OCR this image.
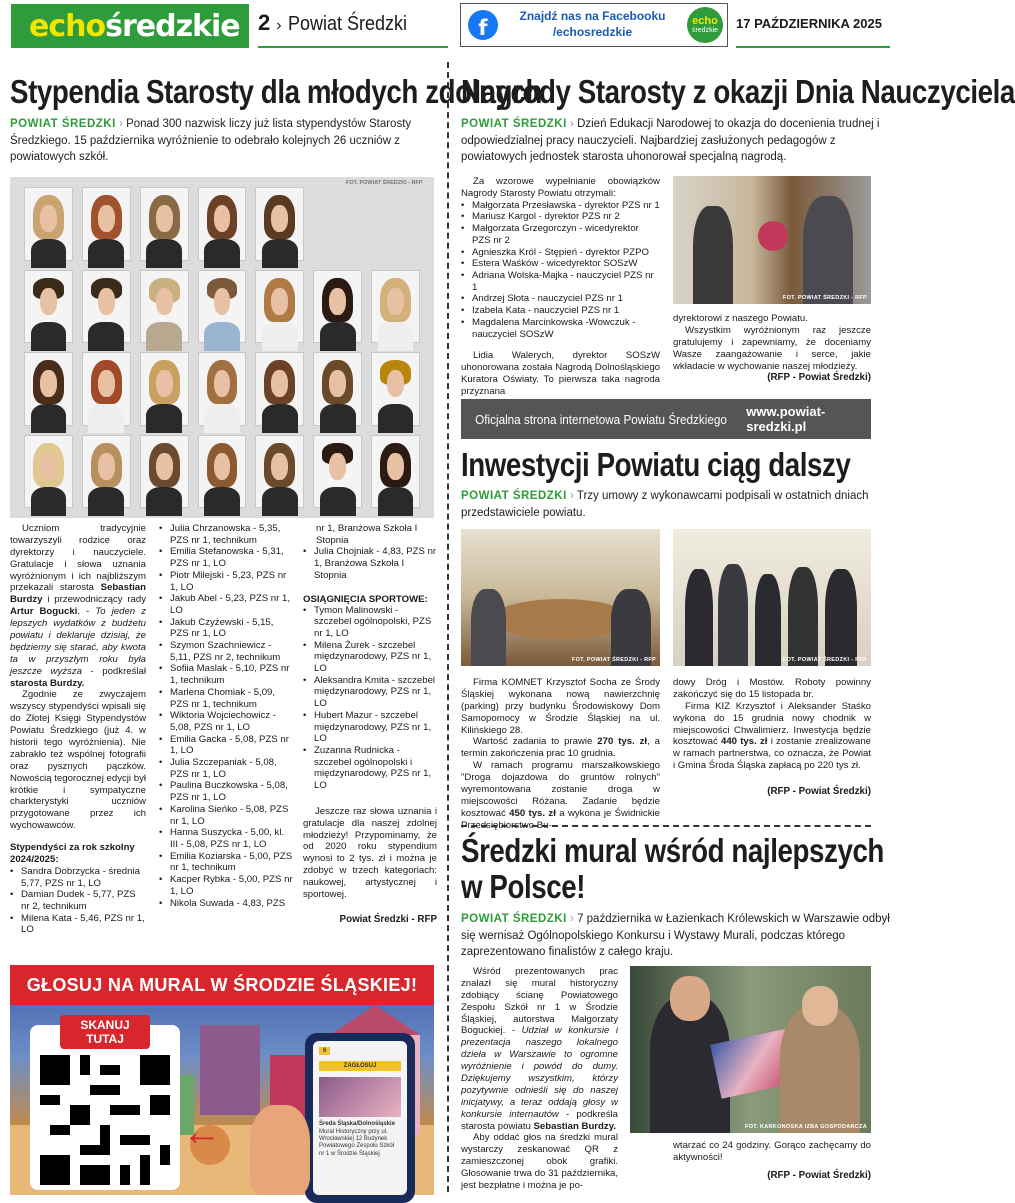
echo średzkie 2 › Powiat Średzki	f	Znajdź nas na Facebooku
/echosredzkie
echo
średzkie 17 PAŹDZIERNIKA 2025
Stypendia Starosty dla młodych zdolnych
POWIAT ŚREDZKI › Ponad 300 nazwisk liczy już lista stypendystów Starosty Średzkiego. 15 października wyróżnienie to odebrało kolejnych 26 uczniów z powiatowych szkół.
FOT. POWIAT ŚREDZKI - RFP

Uczniom tradycyjnie towarzyszyli rodzice oraz dyrektorzy i nauczyciele. Gratulacje i słowa uznania wyróżnionym i ich najbliższym przekazali starosta Sebastian Burdzy i przewodniczący rady Artur Bogucki. - To jeden z lepszych wydatków z budżetu powiatu i deklaruje dzisiaj, że będziemy się starać, aby kwota ta w przyszłym roku była jeszcze wyższa - podkreślał starosta Burdzy.

Zgodnie ze zwyczajem wszyscy stypendyści wpisali się do Złotej Księgi Stypendystów Powiatu Średzkiego (już 4. w historii tego wyróżnienia). Nie zabrakło też wspólnej fotografii oraz pysznych pączków. Nowością tegorocznej edycji był krótkie i sympatyczne charkterystyki uczniów przygotowane przez ich wychowawców.

Stypendyści za rok szkolny 2024/2025:

• Sandra Dobrzycka - średnia 5,77, PZS nr 1, LO
• Damian Dudek - 5,77, PZS nr 2, technikum
• Milena Kata - 5,46, PZS nr 1, LO
• Julia Chrzanowska - 5,35, PZS nr 1, technikum
• Emilia Stefanowska - 5,31, PZS nr 1, LO
• Piotr Milejski - 5,23, PZS nr 1, LO
• Jakub Abel - 5,23, PZS nr 1, LO
• Jakub Czyżewski - 5,15, PZS nr 1, LO
• Szymon Szachniewicz - 5,11, PZS nr 2, technikum
• Sofiia Maslak - 5,10, PZS nr 1, technikum
• Marlena Chomiak - 5,09, PZS nr 1, technikum
• Wiktoria Wojciechowicz - 5,08, PZS nr 1, LO
• Emilia Gacka - 5,08, PZS nr 1, LO
• Julia Szczepaniak - 5,08, PZS nr 1, LO
• Paulina Buczkowska - 5,08, PZS nr 1, LO
• Karolina Sieńko - 5,08, PZS nr 1, LO
• Hanna Suszycka - 5,00, kl. III - 5,08, PZS nr 1, LO
• Emilia Koziarska - 5,00, PZS nr 1, technikum
• Kacper Rybka - 5,00, PZS nr 1, LO
• Nikola Suwada - 4,83, PZS
nr 1, Branżowa Szkoła I Stopnia
• Julia Chojniak - 4,83, PZS nr 1, Branżowa Szkoła I Stopnia
OSIĄGNIĘCIA SPORTOWE:
• Tymon Malinowski - szczebel ogólnopolski, PZS nr 1, LO
• Milena Żurek - szczebel międzynarodowy, PZS nr 1, LO
• Aleksandra Kmita - szczebel międzynarodowy, PZS nr 1, LO
• Hubert Mazur - szczebel międzynarodowy, PZS nr 1, LO
• Zuzanna Rudnicka - szczebel ogólnopolski i międzynarodowy, PZS nr 1, LO

Jeszcze raz słowa uznania i gratulacje dla naszej zdolnej młodzieży! Przypominamy, że od 2020 roku stypendium wynosi to 2 tys. zł i można je zdobyć w trzech kategoriach: naukowej, artystycznej i sportowej.

Powiat Średzki - RFP

GŁOSUJ NA MURAL W ŚRODZIE ŚLĄSKIEJ!
SKANUJ TUTAJ
6
ZAGŁOSUJ
Średa Śląska/Dolnośląskie
Mural Historyczny przy ul. Wrocławskiej 12 Budynek Powiatowego Zespołu Szkół nr 1 w Środzie Śląskiej
←
Nagrody Starosty z okazji Dnia Nauczyciela
POWIAT ŚREDZKI › Dzień Edukacji Narodowej to okazja do docenienia trudnej i odpowiedzialnej pracy nauczycieli. Najbardziej zasłużonych pedagogów z powiatowych jednostek starosta uhonorował specjalną nagrodą.

Za wzorowe wypełnianie obowiązków Nagrody Starosty Powiatu otrzymali:

• Małgorzata Przesławska - dyrektor PZS nr 1
• Mariusz Kargol - dyrektor PZS nr 2
• Małgorzata Grzegorczyn - wicedyrektor PZS nr 2
• Agnieszka Król - Stępień - dyrektor PZPO
• Estera Waśków - wicedyrektor SOSzW
• Adriana Wolska-Majka - nauczyciel PZS nr 1
• Andrzej Słota - nauczyciel PZS nr 1
• Izabela Kata - nauczyciel PZS nr 1
• Magdalena Marcinkowska -Wowczuk - nauczyciel SOSzW

Lidia Walerych, dyrektor SOSzW uhonorowana została Nagrodą Dolnośląskiego Kuratora Oświaty. To pierwsza taka nagroda przyznana

FOT. POWIAT ŚREDZKI - RFP

dyrektorowi z naszego Powiatu.

Wszystkim wyróżnionym raz jeszcze gratulujemy i zapewniamy, że doceniamy Wasze zaangażowanie i serce, jakie wkładacie w wychowanie naszej młodzieży.

(RFP - Powiat Średzki)

Oficjalna strona internetowa Powiatu Średzkiego www.powiat-sredzki.pl
Inwestycji Powiatu ciąg dalszy
POWIAT ŚREDZKI › Trzy umowy z wykonawcami podpisali w ostatnich dniach przedstawiciele powiatu.
FOT. POWIAT ŚREDZKI - RFP	FOT. POWIAT ŚREDZKI - RFP

Firma KOMNET Krzysztof Socha ze Środy Śląskiej wykonana nową nawierzchnię (parking) przy budynku Środowiskowy Dom Samopomocy w Środzie Śląskiej na ul. Kilińskiego 28.

Wartość zadania to prawie 270 tys. zł, a termin zakończenia prac 10 grudnia.

W ramach programu marszałkowskiego "Droga dojazdowa do gruntów rolnych" wyremontowana zostanie droga w miejscowości Różana. Zadanie będzie kosztować 450 tys. zł a wykona je Świdnickie Przedsiębiorstwo Bu-

dowy Dróg i Mostów. Roboty powinny zakończyć się do 15 listopada br.

Firma KIZ Krzysztof i Aleksander Staśko wykona do 15 grudnia nowy chodnik w miejscowości Chwalimierz. Inwestycja będzie kosztować 440 tys. zł i zostanie zrealizowane w ramach partnerstwa, co oznacza, że Powiat i Gmina Środa Śląska zapłacą po 220 tys zł.

(RFP - Powiat Średzki)

Średzki mural wśród najlepszych
w Polsce!
POWIAT ŚREDZKI › 7 października w Łazienkach Królewskich w Warszawie odbył się wernisaż Ogólnopolskiego Konkursu i Wystawy Murali, podczas którego zaprezentowano finalistów z całego kraju.

Wśród prezentowanych prac znalazł się mural historyczny zdobiący ścianę Powiatowego Zespołu Szkół nr 1 w Środzie Śląskiej, autorstwa Małgorzaty Boguckiej. - Udział w konkursie i prezentacja naszego lokalnego dzieła w Warszawie to ogromne wyróżnienie i powód do dumy. Dziękujemy wszystkim, którzy pozytywnie odnieśli się do naszej inicjatywy, a teraz oddają głosy w konkursie internautów - podkreśla starosta powiatu Sebastian Burdzy.

Aby oddać głos na średzki mural wystarczy zeskanować QR z zamieszczonej obok grafiki. Głosowanie trwa do 31 października, jest bezpłatne i można je po-

FOT. KARKONOSKA IZBA GOSPODARCZA

wtarzać co 24 godziny. Gorąco zachęcamy do aktywności!

(RFP - Powiat Średzki)
